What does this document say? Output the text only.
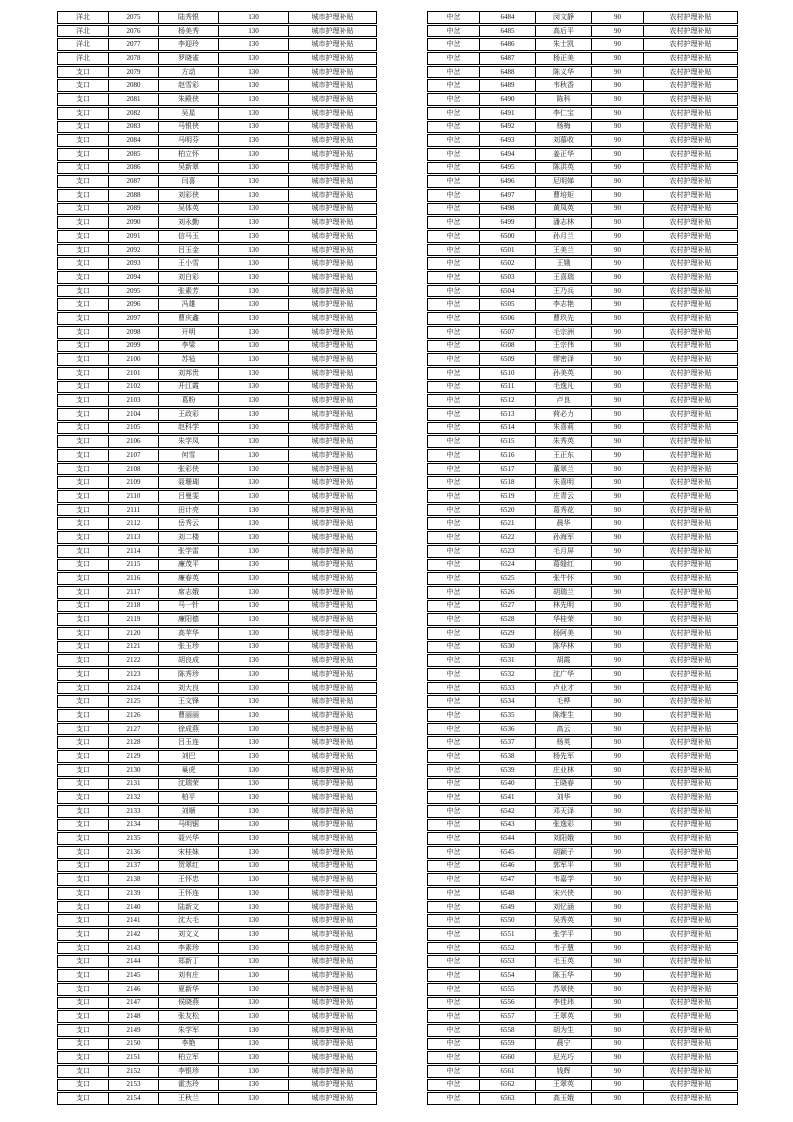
洋北	2075	陆秀银	130	城市护理补贴
洋北	2076	杨美秀	130	城市护理补贴
洋北	2077	李迎玲	130	城市护理补贴
洋北	2078	罗晓雀	130	城市护理补贴
支口	2079	方动	130	城市护理补贴
支口	2080	赵雪彩	130	城市护理补贴
支口	2081	朱殿侠	130	城市护理补贴
支口	2082	吴星	130	城市护理补贴
支口	2083	马银侠	130	城市护理补贴
支口	2084	马明芬	130	城市护理补贴
支口	2085	柏立怀	130	城市护理补贴
支口	2086	吴新翠	130	城市护理补贴
支口	2087	闫喜	130	城市护理补贴
支口	2088	刘彩侠	130	城市护理补贴
支口	2089	吴体英	130	城市护理补贴
支口	2090	刘永勤	130	城市护理补贴
支口	2091	信马玉	130	城市护理补贴
支口	2092	吕玉金	130	城市护理补贴
支口	2093	王小雪	130	城市护理补贴
支口	2094	刘白彩	130	城市护理补贴
支口	2095	张素芳	130	城市护理补贴
支口	2096	冯雄	130	城市护理补贴
支口	2097	曹庆鑫	130	城市护理补贴
支口	2098	开明	130	城市护理补贴
支口	2099	李梁	130	城市护理补贴
支口	2100	苏毡	130	城市护理补贴
支口	2101	刘邦贵	130	城市护理补贴
支口	2102	开江霞	130	城市护理补贴
支口	2103	葛粉	130	城市护理补贴
支口	2104	王政彩	130	城市护理补贴
支口	2105	赵科学	130	城市护理补贴
支口	2106	朱学凤	130	城市护理补贴
支口	2107	何雪	130	城市护理补贴
支口	2108	张彩侠	130	城市护理补贴
支口	2109	聂珊瑚	130	城市护理补贴
支口	2110	吕曼雯	130	城市护理补贴
支口	2111	田计亮	130	城市护理补贴
支口	2112	岳秀云	130	城市护理补贴
支口	2113	刘二楼	130	城市护理补贴
支口	2114	张学雷	130	城市护理补贴
支口	2115	廉茂平	130	城市护理补贴
支口	2116	廉春英	130	城市护理补贴
支口	2117	席志娥	130	城市护理补贴
支口	2118	马一针	130	城市护理补贴
支口	2119	廉阳德	130	城市护理补贴
支口	2120	高苹华	130	城市护理补贴
支口	2121	张玉珍	130	城市护理补贴
支口	2122	胡良成	130	城市护理补贴
支口	2123	陈秀珍	130	城市护理补贴
支口	2124	刘大良	130	城市护理补贴
支口	2125	王文锋	130	城市护理补贴
支口	2126	曹丽丽	130	城市护理补贴
支口	2127	徐成燕	130	城市护理补贴
支口	2128	吕玉连	130	城市护理补贴
支口	2129	刘巴	130	城市护理补贴
支口	2130	巢虎	130	城市护理补贴
支口	2131	沈瑞荣	130	城市护理补贴
支口	2132	柏平	130	城市护理补贴
支口	2133	刘顺	130	城市护理补贴
支口	2134	马明锯	130	城市护理补贴
支口	2135	聂兴华	130	城市护理补贴
支口	2136	宋桂妹	130	城市护理补贴
支口	2137	贺翠红	130	城市护理补贴
支口	2138	王怀忠	130	城市护理补贴
支口	2139	王怀连	130	城市护理补贴
支口	2140	陆新文	130	城市护理补贴
支口	2141	沈大毛	130	城市护理补贴
支口	2142	刘文义	130	城市护理补贴
支口	2143	李素珍	130	城市护理补贴
支口	2144	郑新丁	130	城市护理补贴
支口	2145	刘有庄	130	城市护理补贴
支口	2146	夏新华	130	城市护理补贴
支口	2147	侯晓燕	130	城市护理补贴
支口	2148	张友松	130	城市护理补贴
支口	2149	朱学军	130	城市护理补贴
支口	2150	李艳	130	城市护理补贴
支口	2151	柏立军	130	城市护理补贴
支口	2152	李银珍	130	城市护理补贴
支口	2153	霍杰玲	130	城市护理补贴
支口	2154	王秋兰	130	城市护理补贴
中岔	6484	闵文静	90	农村护理补贴
中岔	6485	高后平	90	农村护理补贴
中岔	6486	朱士凯	90	农村护理补贴
中岔	6487	杨正美	90	农村护理补贴
中岔	6488	陈义华	90	农村护理补贴
中岔	6489	韦秋香	90	农村护理补贴
中岔	6490	陈科	90	农村护理补贴
中岔	6491	李仁宝	90	农村护理补贴
中岔	6492	杨梅	90	农村护理补贴
中岔	6493	刘慕收	90	农村护理补贴
中岔	6494	姜正华	90	农村护理补贴
中岔	6495	陈洪英	90	农村护理补贴
中岔	6496	尼明娣	90	农村护理补贴
中岔	6497	曹培矩	90	农村护理补贴
中岔	6498	黄凤英	90	农村护理补贴
中岔	6499	潘志林	90	农村护理补贴
中岔	6500	孙月兰	90	农村护理补贴
中岔	6501	王美兰	90	农村护理补贴
中岔	6502	王娥	90	农村护理补贴
中岔	6503	王喜瑞	90	农村护理补贴
中岔	6504	王乃兵	90	农村护理补贴
中岔	6505	李志艳	90	农村护理补贴
中岔	6506	曹玖先	90	农村护理补贴
中岔	6507	毛宗洲	90	农村护理补贴
中岔	6508	王宗伟	90	农村护理补贴
中岔	6509	缪密泽	90	农村护理补贴
中岔	6510	孙美英	90	农村护理补贴
中岔	6511	毛逸凡	90	农村护理补贴
中岔	6512	卢良	90	农村护理补贴
中岔	6513	荷必力	90	农村护理补贴
中岔	6514	朱喜莉	90	农村护理补贴
中岔	6515	朱秀英	90	农村护理补贴
中岔	6516	王正东	90	农村护理补贴
中岔	6517	董翠兰	90	农村护理补贴
中岔	6518	朱喜明	90	农村护理补贴
中岔	6519	庄青云	90	农村护理补贴
中岔	6520	葛秀花	90	农村护理补贴
中岔	6521	晨华	90	农村护理补贴
中岔	6522	孙海军	90	农村护理补贴
中岔	6523	毛月屏	90	农村护理补贴
中岔	6524	葛缝红	90	农村护理补贴
中岔	6525	张牛怀	90	农村护理补贴
中岔	6526	胡瑞兰	90	农村护理补贴
中岔	6527	林先明	90	农村护理补贴
中岔	6528	华桂荣	90	农村护理补贴
中岔	6529	杨阿美	90	农村护理补贴
中岔	6530	陈华林	90	农村护理补贴
中岔	6531	胡霞	90	农村护理补贴
中岔	6532	沈广华	90	农村护理补贴
中岔	6533	卢业才	90	农村护理补贴
中岔	6534	毛桦	90	农村护理补贴
中岔	6535	陈维生	90	农村护理补贴
中岔	6536	高云	90	农村护理补贴
中岔	6537	杨英	90	农村护理补贴
中岔	6538	杨先军	90	农村护理补贴
中岔	6539	庄业林	90	农村护理补贴
中岔	6540	王晓春	90	农村护理补贴
中岔	6541	刘华	90	农村护理补贴
中岔	6542	邓天泽	90	农村护理补贴
中岔	6543	张逸彩	90	农村护理补贴
中岔	6544	刘阳娥	90	农村护理补贴
中岔	6545	胡颖子	90	农村护理补贴
中岔	6546	郭军平	90	农村护理补贴
中岔	6547	韦嘉学	90	农村护理补贴
中岔	6548	宋兴侠	90	农村护理补贴
中岔	6549	刘忆涵	90	农村护理补贴
中岔	6550	吴秀英	90	农村护理补贴
中岔	6551	张学平	90	农村护理补贴
中岔	6552	韦子慧	90	农村护理补贴
中岔	6553	毛玉英	90	农村护理补贴
中岔	6554	陈玉华	90	农村护理补贴
中岔	6555	苏翠侠	90	农村护理补贴
中岔	6556	李佳玮	90	农村护理补贴
中岔	6557	王翠英	90	农村护理补贴
中岔	6558	胡为生	90	农村护理补贴
中岔	6559	晨宁	90	农村护理补贴
中岔	6560	尼光巧	90	农村护理补贴
中岔	6561	钱辉	90	农村护理补贴
中岔	6562	王翠英	90	农村护理补贴
中岔	6563	高玉娥	90	农村护理补贴
